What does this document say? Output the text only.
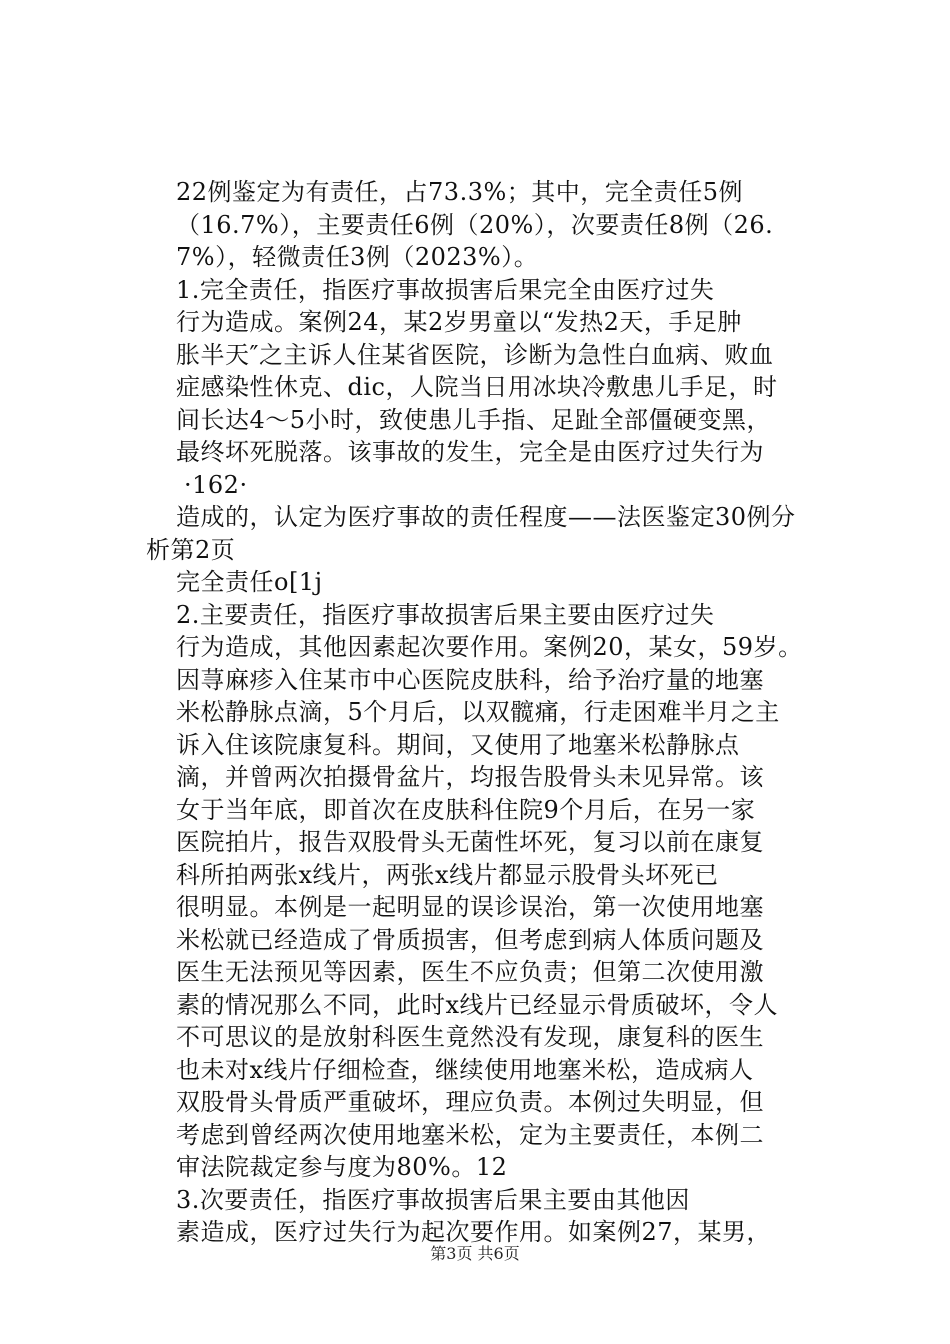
22例鉴定为有责任，占73.3%；其中，完全责任5例
（16.7%），主要责任6例（20%），次要责任8例（26.
7%），轻微责任3例（2023%）。
1.完全责任，指医疗事故损害后果完全由医疗过失
行为造成。案例24，某2岁男童以“发热2天，手足肿
胀半天″之主诉人住某省医院，诊断为急性白血病、败血
症感染性休克、dic，人院当日用冰块冷敷患儿手足，时
间长达4～5小时，致使患儿手指、足趾全部僵硬变黑，
最终坏死脱落。该事故的发生，完全是由医疗过失行为
·162·
造成的，认定为医疗事故的责任程度——法医鉴定30例分
析第2页
完全责任o[1j
2.主要责任，指医疗事故损害后果主要由医疗过失
行为造成，其他因素起次要作用。案例20，某女，59岁。
因荨麻疹入住某市中心医院皮肤科，给予治疗量的地塞
米松静脉点滴，5个月后，以双髋痛，行走困难半月之主
诉入住该院康复科。期间，又使用了地塞米松静脉点
滴，并曾两次拍摄骨盆片，均报告股骨头未见异常。该
女于当年底，即首次在皮肤科住院9个月后，在另一家
医院拍片，报告双股骨头无菌性坏死，复习以前在康复
科所拍两张x线片，两张x线片都显示股骨头坏死已
很明显。本例是一起明显的误诊误治，第一次使用地塞
米松就已经造成了骨质损害，但考虑到病人体质问题及
医生无法预见等因素，医生不应负责；但第二次使用激
素的情况那么不同，此时x线片已经显示骨质破坏，令人
不可思议的是放射科医生竟然没有发现，康复科的医生
也未对x线片仔细检查，继续使用地塞米松，造成病人
双股骨头骨质严重破坏，理应负责。本例过失明显，但
考虑到曾经两次使用地塞米松，定为主要责任，本例二
审法院裁定参与度为80%。12
3.次要责任，指医疗事故损害后果主要由其他因
素造成，医疗过失行为起次要作用。如案例27，某男，
第3页 共6页
